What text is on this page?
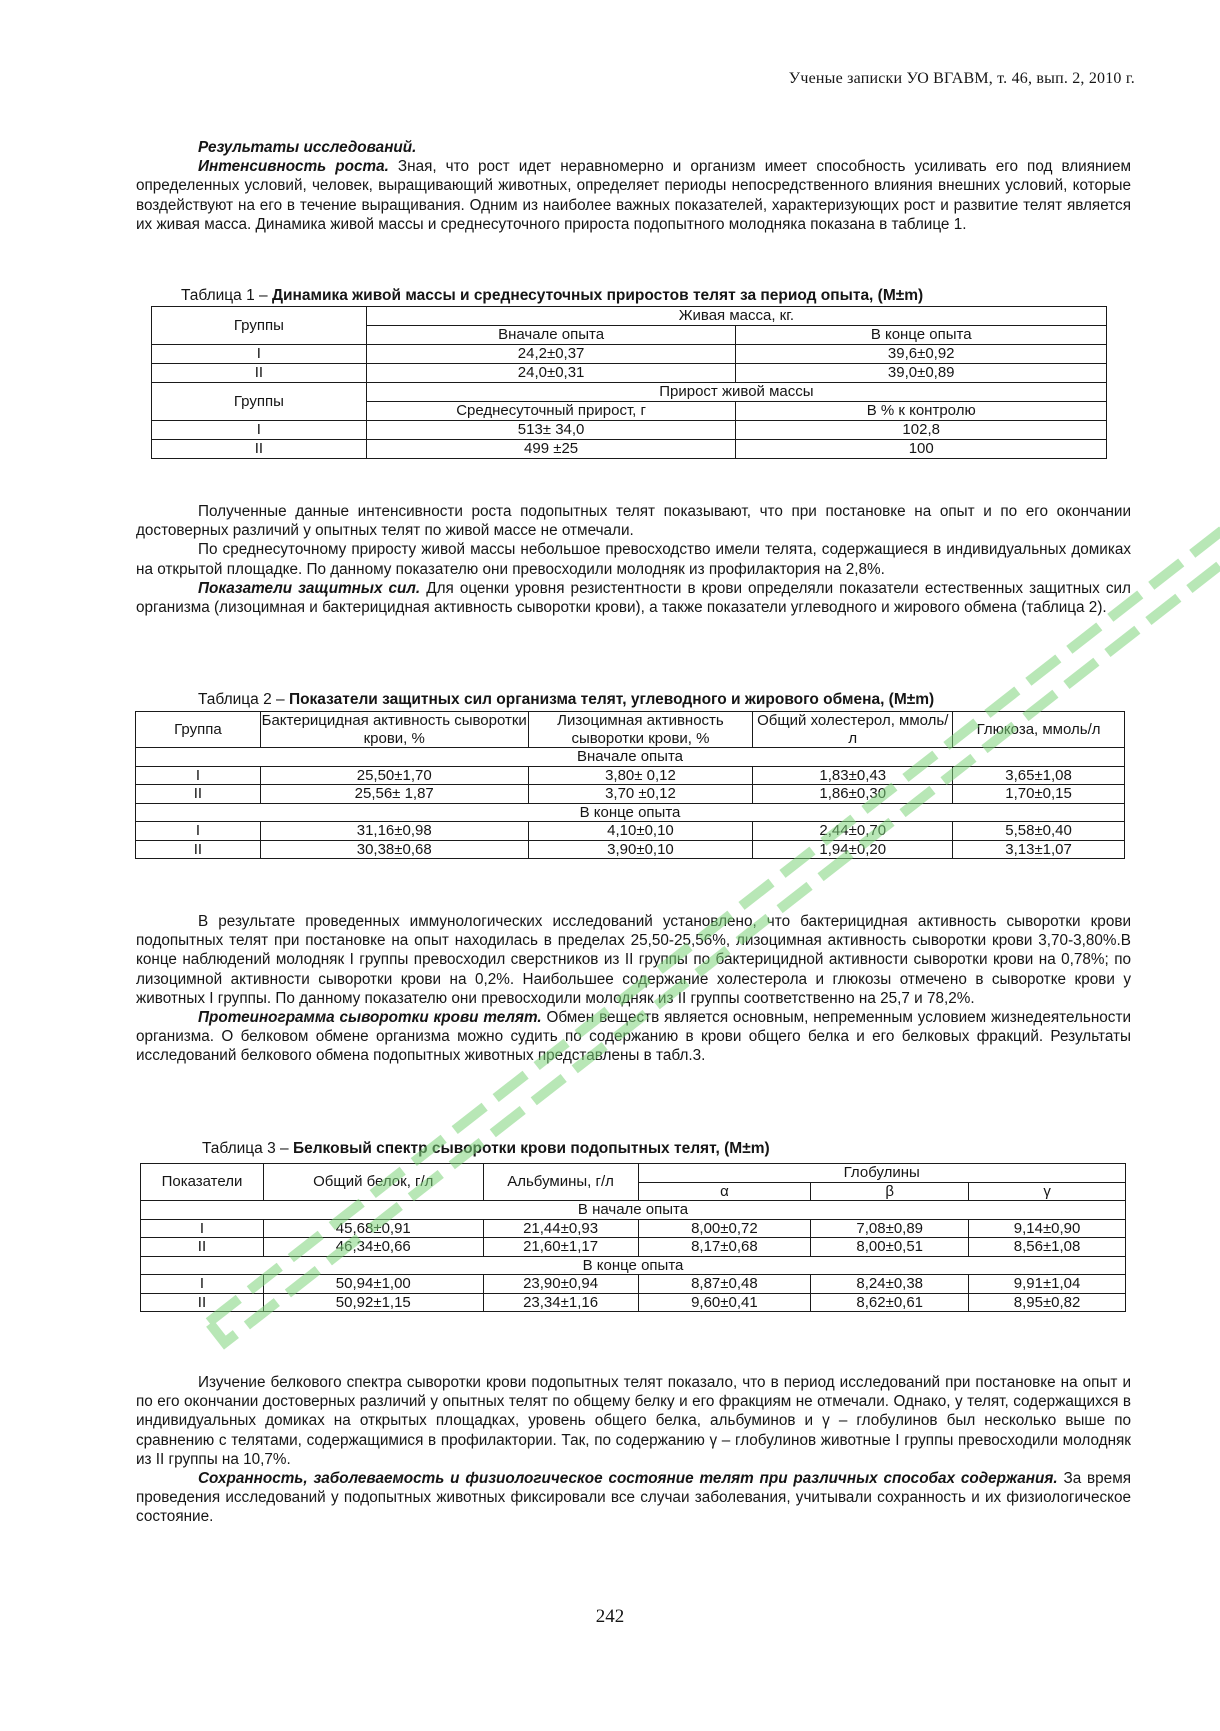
Ученые записки УО ВГАВМ, т. 46, вып. 2, 2010 г.

Результаты исследований.

Интенсивность роста. Зная, что рост идет неравномерно и организм имеет способность усиливать его под влиянием определенных условий, человек, выращивающий животных, определяет периоды непосредственного влияния внешних условий, которые воздействуют на его в течение выращивания. Одним из наиболее важных показателей, характеризующих рост и развитие телят является их живая масса. Динамика живой массы и среднесуточного прироста подопытного молодняка показана в таблице 1.

Таблица 1 – Динамика живой массы и среднесуточных приростов телят за период опыта, (M±m)
Группы	Живая масса, кг.	
	Вначале опыта	В конце опыта
I	24,2±0,37	39,6±0,92
II	24,0±0,31	39,0±0,89
Группы	Прирост живой массы	
	Среднесуточный прирост, г	В % к контролю
I	513± 34,0	102,8
II	499 ±25	100

Полученные данные интенсивности роста подопытных телят показывают, что при постановке на опыт и по его окончании достоверных различий у опытных телят по живой массе не отмечали.

По среднесуточному приросту живой массы небольшое превосходство имели телята, содержащиеся в индивидуальных домиках на открытой площадке. По данному показателю они превосходили молодняк из профилактория на 2,8%.

Показатели защитных сил. Для оценки уровня резистентности в крови определяли показатели естественных защитных сил организма (лизоцимная и бактерицидная активность сыворотки крови), а также показатели углеводного и жирового обмена (таблица 2).

Таблица 2 – Показатели защитных сил организма телят, углеводного и жирового обмена, (M±m)
Группа	Бактерицидная активность сыворотки крови, %	Лизоцимная активность сыворотки крови, %	Общий холестерол, ммоль/л	Глюкоза, ммоль/л
Вначале опыта				
I	25,50±1,70	3,80± 0,12	1,83±0,43	3,65±1,08
II	25,56± 1,87	3,70 ±0,12	1,86±0,30	1,70±0,15
В конце опыта				
I	31,16±0,98	4,10±0,10	2,44±0,70	5,58±0,40
II	30,38±0,68	3,90±0,10	1,94±0,20	3,13±1,07

В результате проведенных иммунологических исследований установлено, что бактерицидная активность сыворотки крови подопытных телят при постановке на опыт находилась в пределах 25,50-25,56%, лизоцимная активность сыворотки крови 3,70-3,80%.В конце наблюдений молодняк I группы превосходил сверстников из II группы по бактерицидной активности сыворотки крови на 0,78%; по лизоцимной активности сыворотки крови на 0,2%. Наибольшее содержание холестерола и глюкозы отмечено в сыворотке крови у животных I группы. По данному показателю они превосходили молодняк из II группы соответственно на 25,7 и 78,2%.

Протеинограмма сыворотки крови телят. Обмен веществ является основным, непременным условием жизнедеятельности организма. О белковом обмене организма можно судить по содержанию в крови общего белка и его белковых фракций. Результаты исследований белкового обмена подопытных животных представлены в табл.3.

Таблица 3 – Белковый спектр сыворотки крови подопытных телят, (M±m)
Показатели	Общий белок, г/л	Альбумины, г/л	Глобулины		
			α	β	γ
В начале опыта					
I	45,68±0,91	21,44±0,93	8,00±0,72	7,08±0,89	9,14±0,90
II	46,34±0,66	21,60±1,17	8,17±0,68	8,00±0,51	8,56±1,08
В конце опыта					
I	50,94±1,00	23,90±0,94	8,87±0,48	8,24±0,38	9,91±1,04
II	50,92±1,15	23,34±1,16	9,60±0,41	8,62±0,61	8,95±0,82

Изучение белкового спектра сыворотки крови подопытных телят показало, что в период исследований при постановке на опыт и по его окончании достоверных различий у опытных телят по общему белку и его фракциям не отмечали. Однако, у телят, содержащихся в индивидуальных домиках на открытых площадках, уровень общего белка, альбуминов и γ – глобулинов был несколько выше по сравнению с телятами, содержащимися в профилактории. Так, по содержанию γ – глобулинов животные I группы превосходили молодняк из II группы на 10,7%.

Сохранность, заболеваемость и физиологическое состояние телят при различных способах содержания. За время проведения исследований у подопытных животных фиксировали все случаи заболевания, учитывали сохранность и их физиологическое состояние.

242
